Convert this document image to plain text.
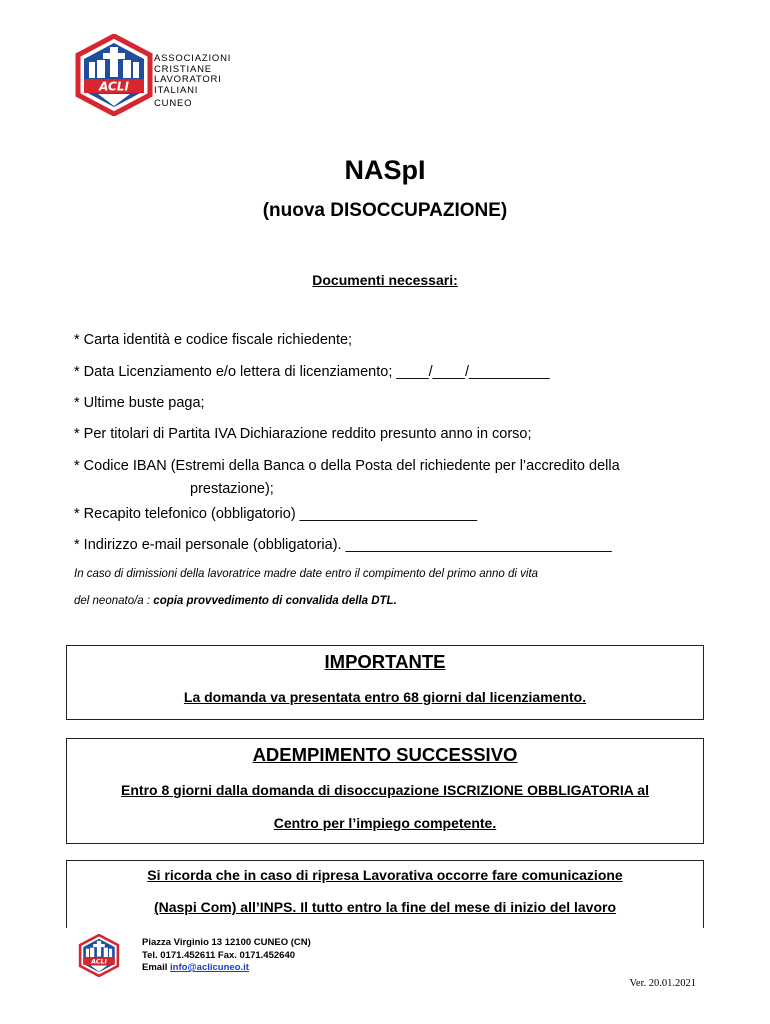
ACLI
ASSOCIAZIONI
CRISTIANE
LAVORATORI
ITALIANI
CUNEO
NASpI
(nuova DISOCCUPAZIONE)
Documenti necessari:
* Carta identità e codice fiscale richiedente;
* Data Licenziamento e/o lettera di licenziamento; ____/____/__________
* Ultime buste paga;
* Per titolari di Partita IVA Dichiarazione reddito presunto anno in corso;
* Codice IBAN (Estremi della Banca o della Posta del richiedente per l’accredito della
prestazione);
* Recapito telefonico (obbligatorio) ______________________
* Indirizzo e-mail personale (obbligatoria). _________________________________
In caso di dimissioni della lavoratrice madre date entro il compimento del primo anno di vita
del neonato/a : copia provvedimento di convalida della DTL.
IMPORTANTE
La domanda va presentata entro 68 giorni dal licenziamento.
ADEMPIMENTO SUCCESSIVO
Entro 8 giorni dalla domanda di disoccupazione ISCRIZIONE OBBLIGATORIA al
Centro per l’impiego competente.
Si ricorda che in caso di ripresa Lavorativa occorre fare comunicazione
(Naspi Com) all’INPS. Il tutto entro la fine del mese di inizio del lavoro
ACLI
Piazza Virginio 13 12100 CUNEO (CN)
Tel. 0171.452611 Fax. 0171.452640
Email info@aclicuneo.it
Ver. 20.01.2021
